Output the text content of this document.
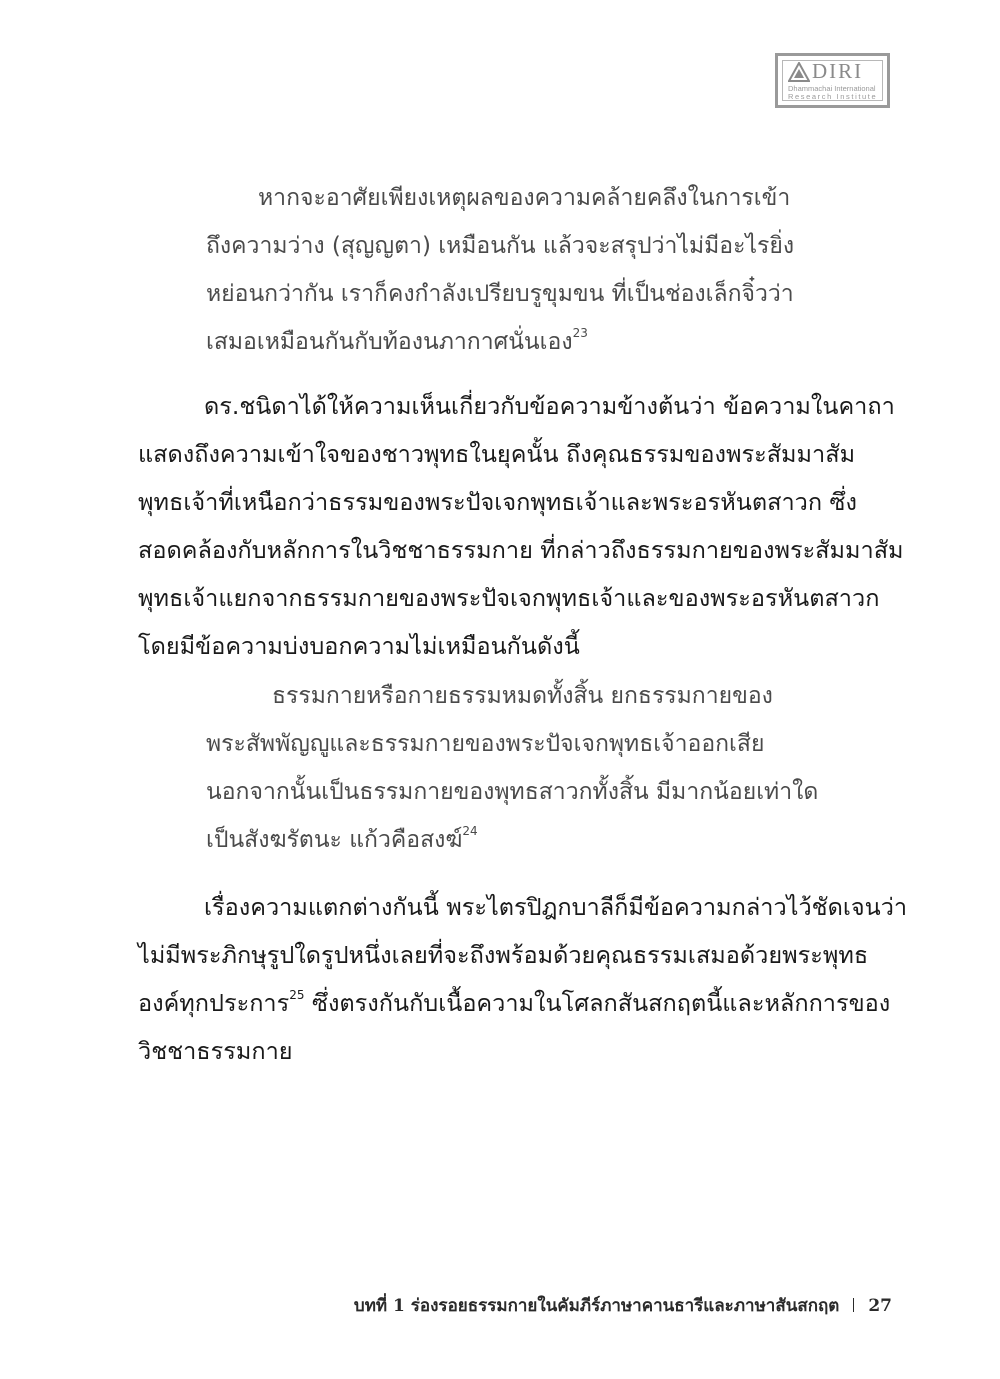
DIRI
Dhammachai International
Research Institute
หากจะอาศัยเพียงเหตุผลของความคล้ายคลึงในการเข้า
ถึงความว่าง (สุญญตา) เหมือนกัน แล้วจะสรุปว่าไม่มีอะไรยิ่ง
หย่อนกว่ากัน เราก็คงกำลังเปรียบรูขุมขน ที่เป็นช่องเล็กจิ๋วว่า
เสมอเหมือนกันกับท้องนภากาศนั่นเอง$^{23}$
ดร.ชนิดาได้ให้ความเห็นเกี่ยวกับข้อความข้างต้นว่า ข้อความในคาถา
แสดงถึงความเข้าใจของชาวพุทธในยุคนั้น ถึงคุณธรรมของพระสัมมาสัม
พุทธเจ้าที่เหนือกว่าธรรมของพระปัจเจกพุทธเจ้าและพระอรหันตสาวก ซึ่ง
สอดคล้องกับหลักการในวิชชาธรรมกาย ที่กล่าวถึงธรรมกายของพระสัมมาสัม
พุทธเจ้าแยกจากธรรมกายของพระปัจเจกพุทธเจ้าและของพระอรหันตสาวก
โดยมีข้อความบ่งบอกความไม่เหมือนกันดังนี้
ธรรมกายหรือกายธรรมหมดทั้งสิ้น ยกธรรมกายของ
พระสัพพัญญูและธรรมกายของพระปัจเจกพุทธเจ้าออกเสีย
นอกจากนั้นเป็นธรรมกายของพุทธสาวกทั้งสิ้น มีมากน้อยเท่าใด
เป็นสังฆรัตนะ แก้วคือสงฆ์$^{24}$
เรื่องความแตกต่างกันนี้ พระไตรปิฎกบาลีก็มีข้อความกล่าวไว้ชัดเจนว่า
ไม่มีพระภิกษุรูปใดรูปหนึ่งเลยที่จะถึงพร้อมด้วยคุณธรรมเสมอด้วยพระพุทธ
องค์ทุกประการ$^{25}$ ซึ่งตรงกันกับเนื้อความในโศลกสันสกฤตนี้และหลักการของ
วิชชาธรรมกาย
บทที่ 1 ร่องรอยธรรมกายในคัมภีร์ภาษาคานธารีและภาษาสันสกฤต 27
